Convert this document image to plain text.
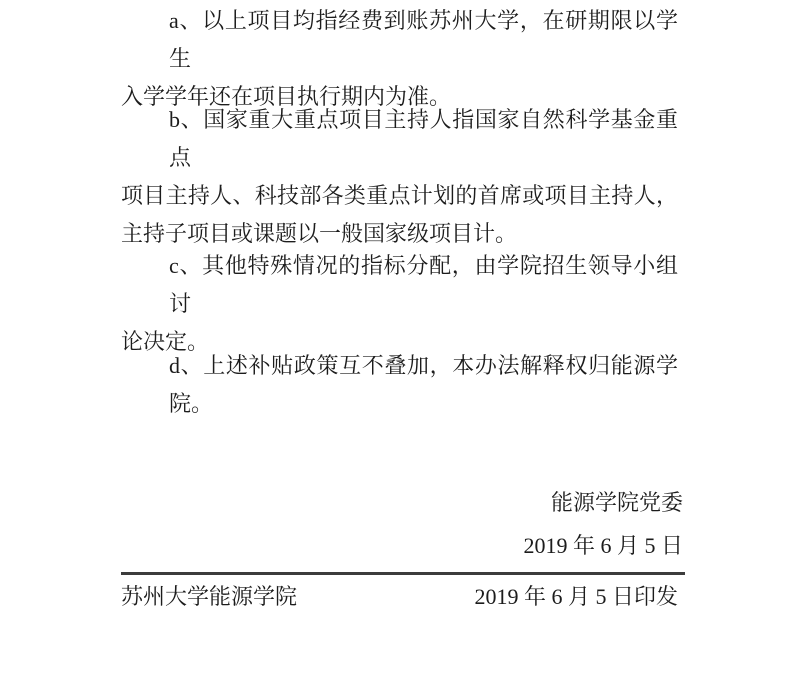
a、以上项目均指经费到账苏州大学，在研期限以学生
入学学年还在项目执行期内为准。
b、国家重大重点项目主持人指国家自然科学基金重点
项目主持人、科技部各类重点计划的首席或项目主持人，
主持子项目或课题以一般国家级项目计。
c、其他特殊情况的指标分配，由学院招生领导小组讨
论决定。
d、上述补贴政策互不叠加，本办法解释权归能源学院。
能源学院党委
2019 年 6 月 5 日
苏州大学能源学院	2019 年 6 月 5 日印发
